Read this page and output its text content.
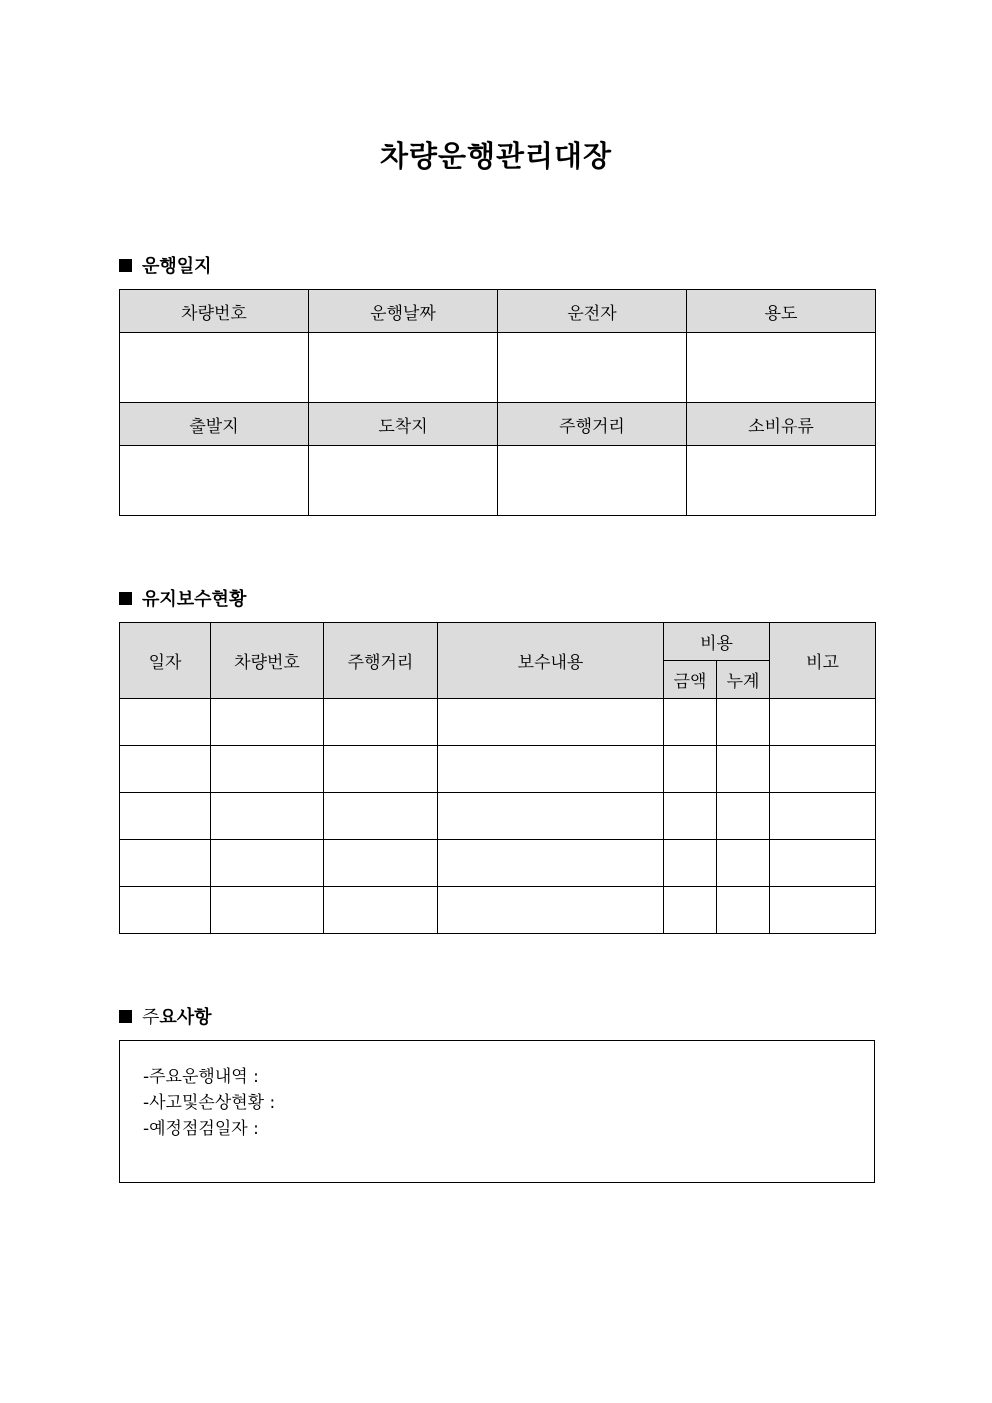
차량운행관리대장
운행일지
차량번호	운행날짜	운전자	용도

출발지	도착지	주행거리	소비유류

유지보수현황
일자	차량번호	주행거리	보수내용	비용		비고
				금액	누계	

주 요사항
-주요운행내역 :
-사고및손상현황 :
-예정점검일자 :
